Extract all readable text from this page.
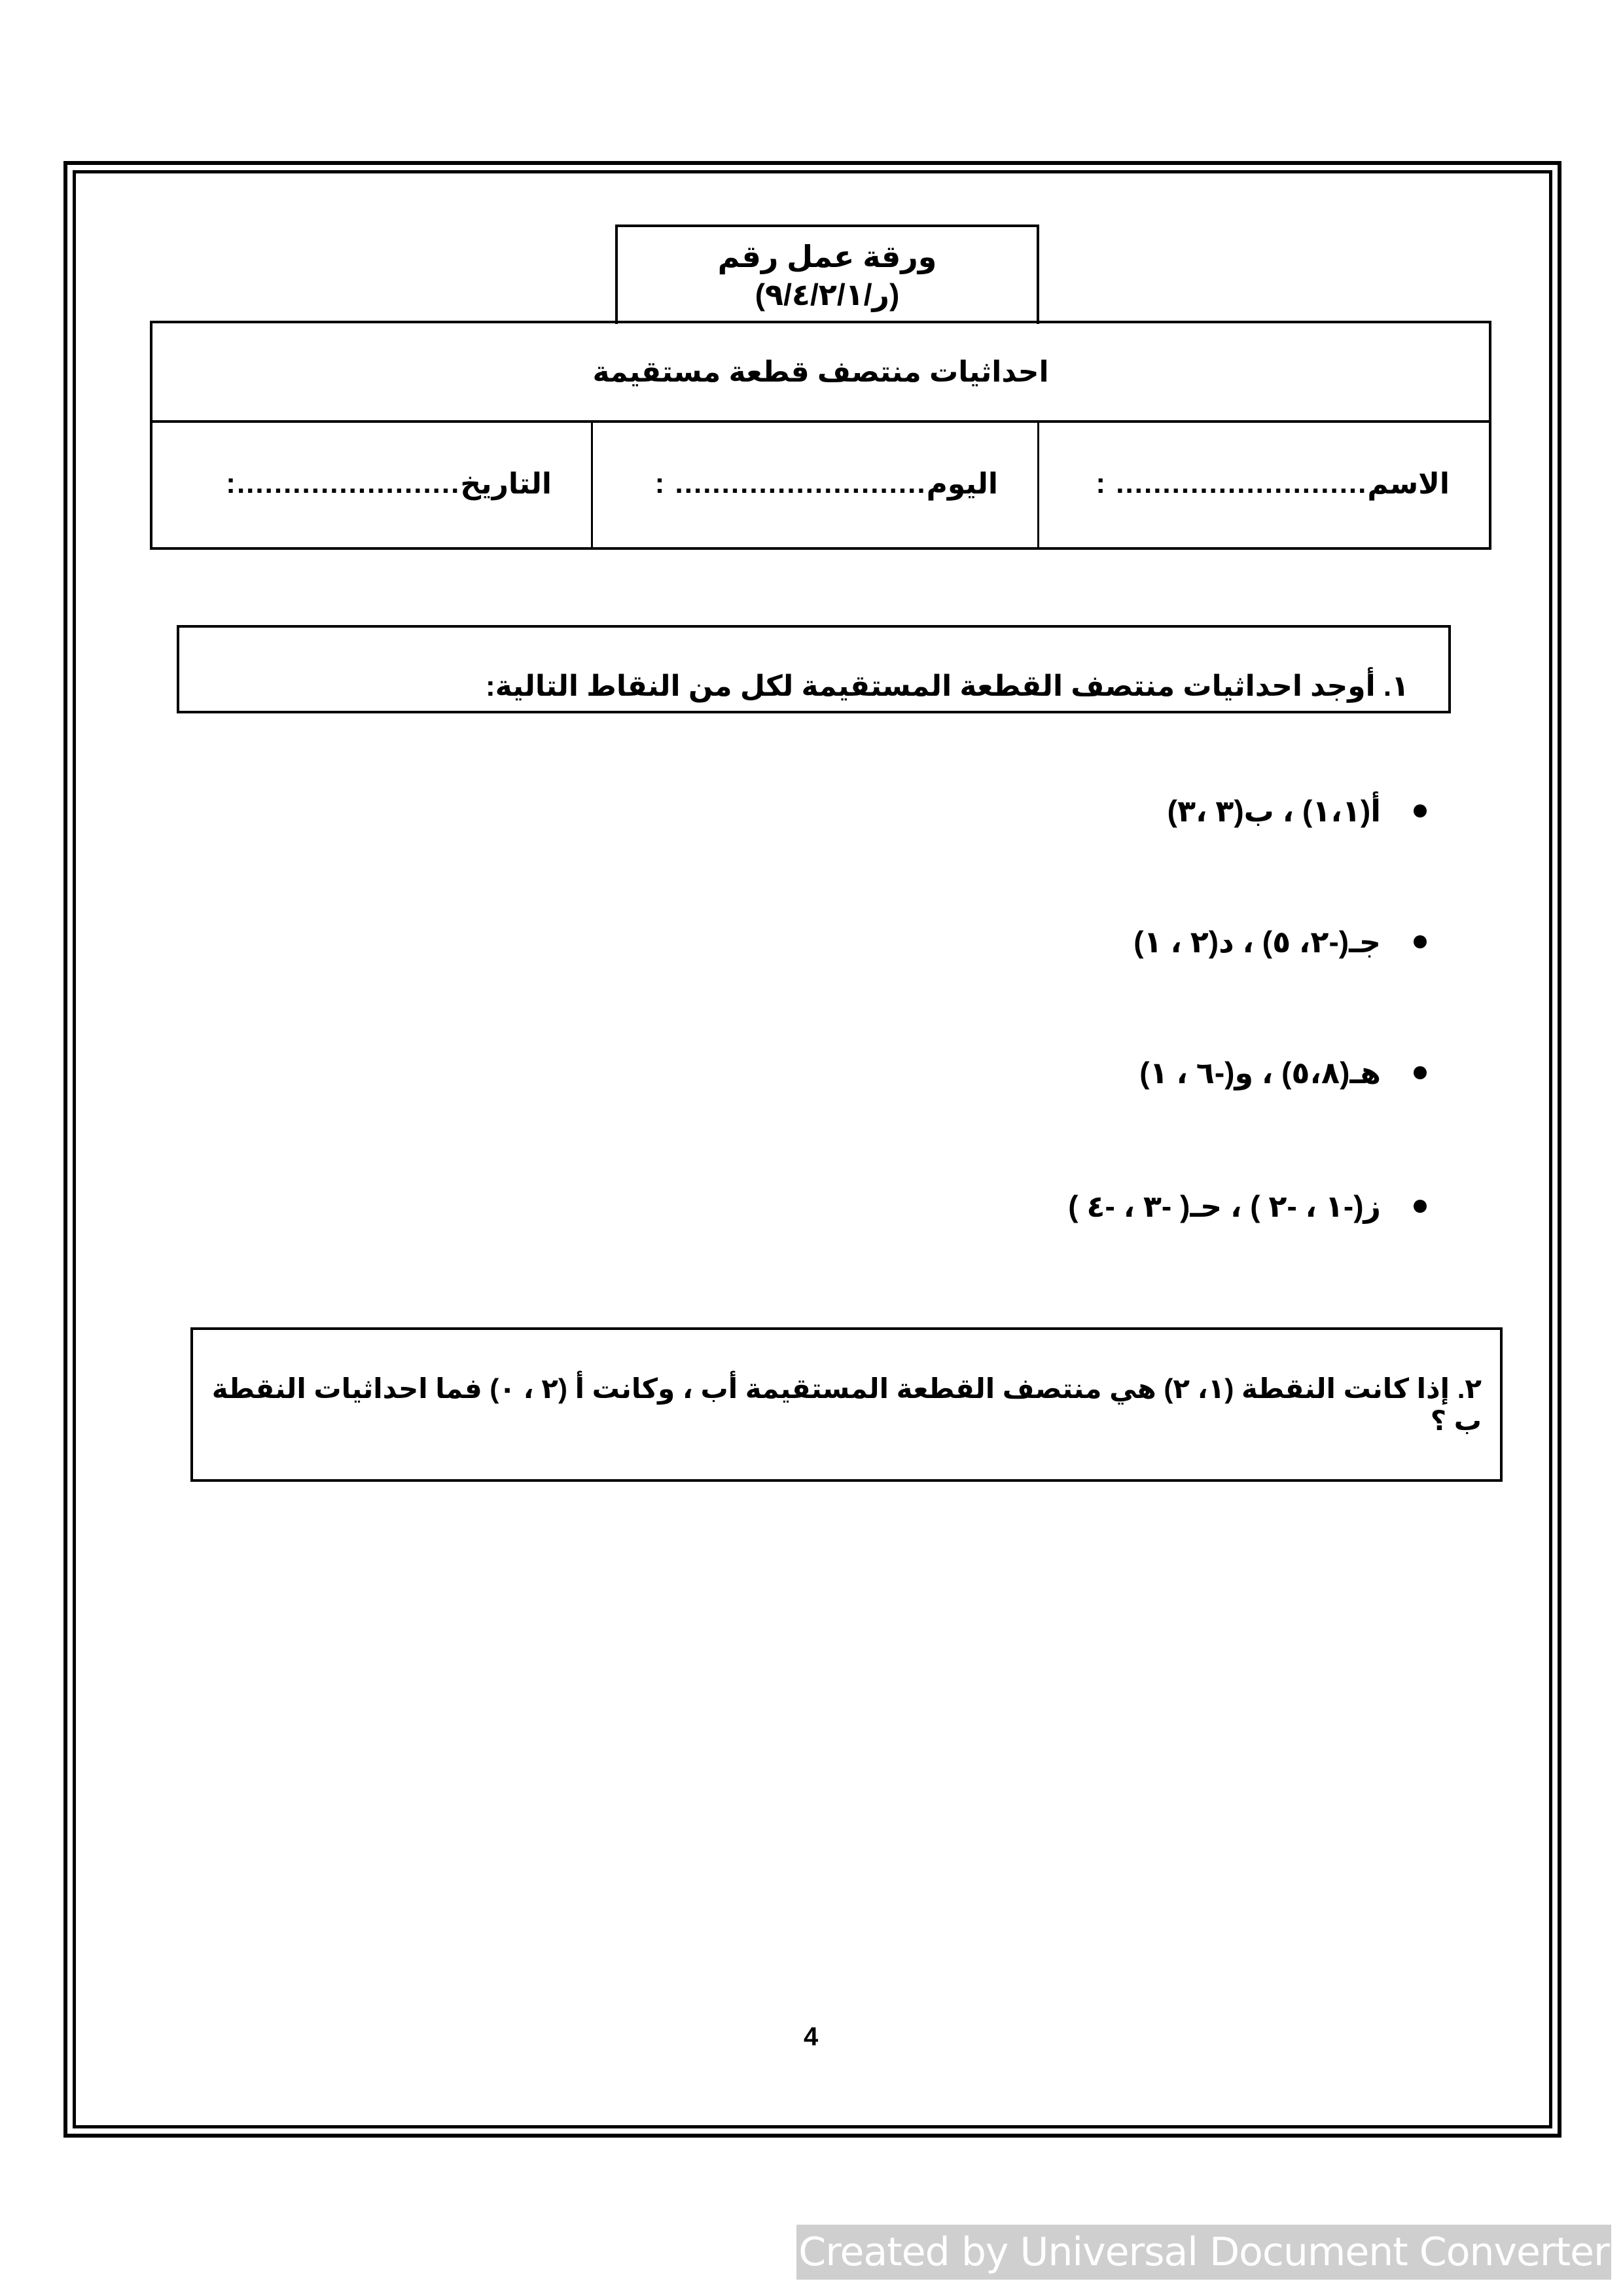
ورقة عمل رقم
(ر/٩/٤/٢/١)
احداثيات منتصف قطعة مستقيمة
الاسم
........................... :
اليوم
........................... :
التاريخ
........................:
١. أوجد احداثيات منتصف القطعة المستقيمة لكل من النقاط التالية:
أ(١،١) ، ب(٣ ،٣)
جـ(-٢، ٥) ، د(٢ ، ١)
هـ(٥،٨) ، و(-٦ ، ١)
ز(-١ ، -٢ ) ، حـ( -٣ ، -٤ )
٢. إذا كانت النقطة (١، ٢) هي منتصف القطعة المستقيمة أب ، وكانت أ (٢ ، ٠) فما احداثيات النقطة ب ؟
4
Created by Universal Document Converter
